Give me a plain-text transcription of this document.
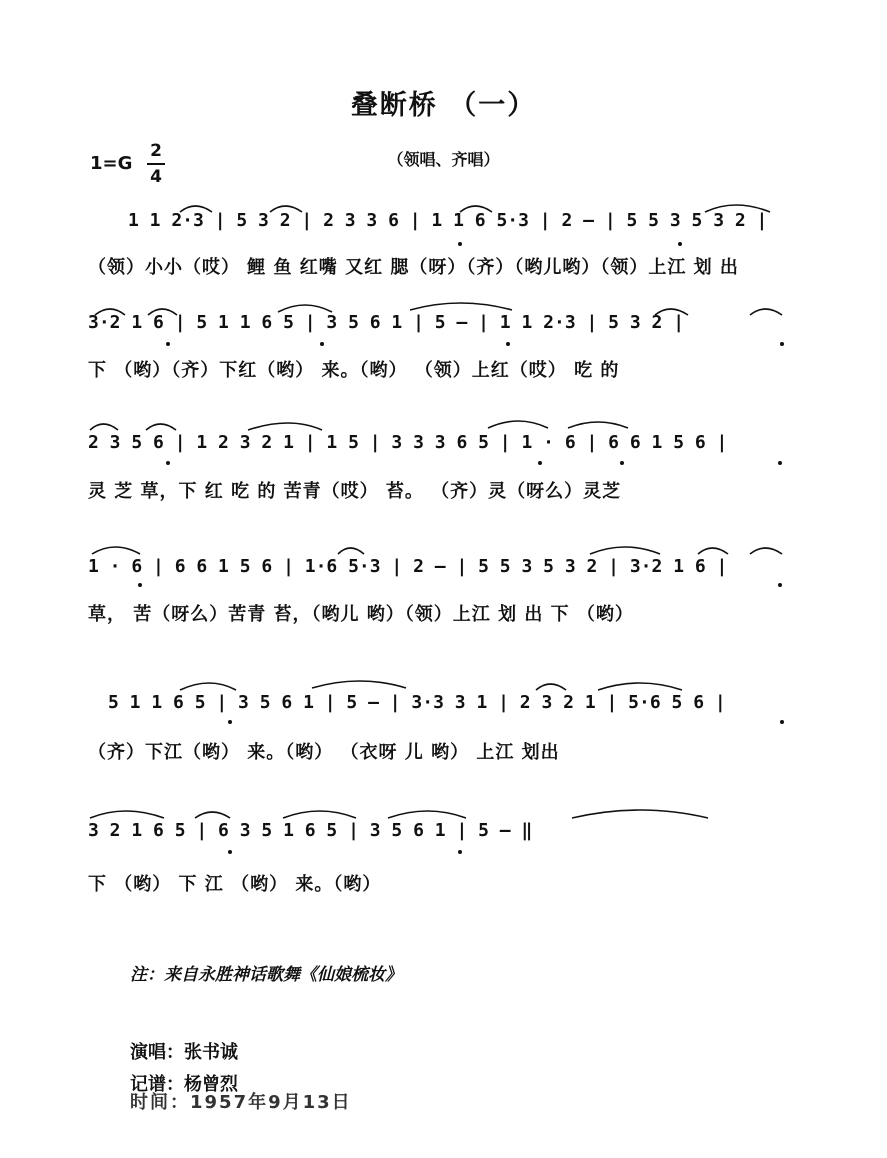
叠断桥 （一）
1=G
2
4
（领唱、齐唱）
1 1 2·3 | 5 3 2 | 2 3 3 6 | 1 1 6 5·3 | 2 — | 5 5 3 5 3 2 |
（领）小小（哎） 鲤 鱼 红嘴 又红 腮（呀）（齐）（哟儿哟）（领）上江 划 出
3·2 1 6 | 5 1 1 6 5 | 3 5 6 1 | 5 — | 1 1 2·3 | 5 3 2 |
下 （哟）（齐）下红（哟） 来。（哟） （领）上红（哎） 吃 的
2 3 5 6 | 1 2 3 2 1 | 1 5 | 3 3 3 6 5 | 1 · 6 | 6 6 1 5 6 |
灵 芝 草，下 红 吃 的 苦青（哎） 苔。 （齐）灵（呀么）灵芝
1 · 6 | 6 6 1 5 6 | 1·6 5·3 | 2 — | 5 5 3 5 3 2 | 3·2 1 6 |
草， 苦（呀么）苦青 苔，（哟儿 哟）（领）上江 划 出 下 （哟）
5 1 1 6 5 | 3 5 6 1 | 5 — | 3·3 3 1 | 2 3 2 1 | 5·6 5 6 |
（齐）下江（哟） 来。（哟） （衣呀 儿 哟） 上江 划出
3 2 1 6 5 | 6 3 5 1 6 5 | 3 5 6 1 | 5 — ‖
下 （哟） 下 江 （哟） 来。（哟）
注：来自永胜神话歌舞《仙娘梳妆》
演唱：张书诚
记谱：杨曾烈
时间：1957年9月13日
